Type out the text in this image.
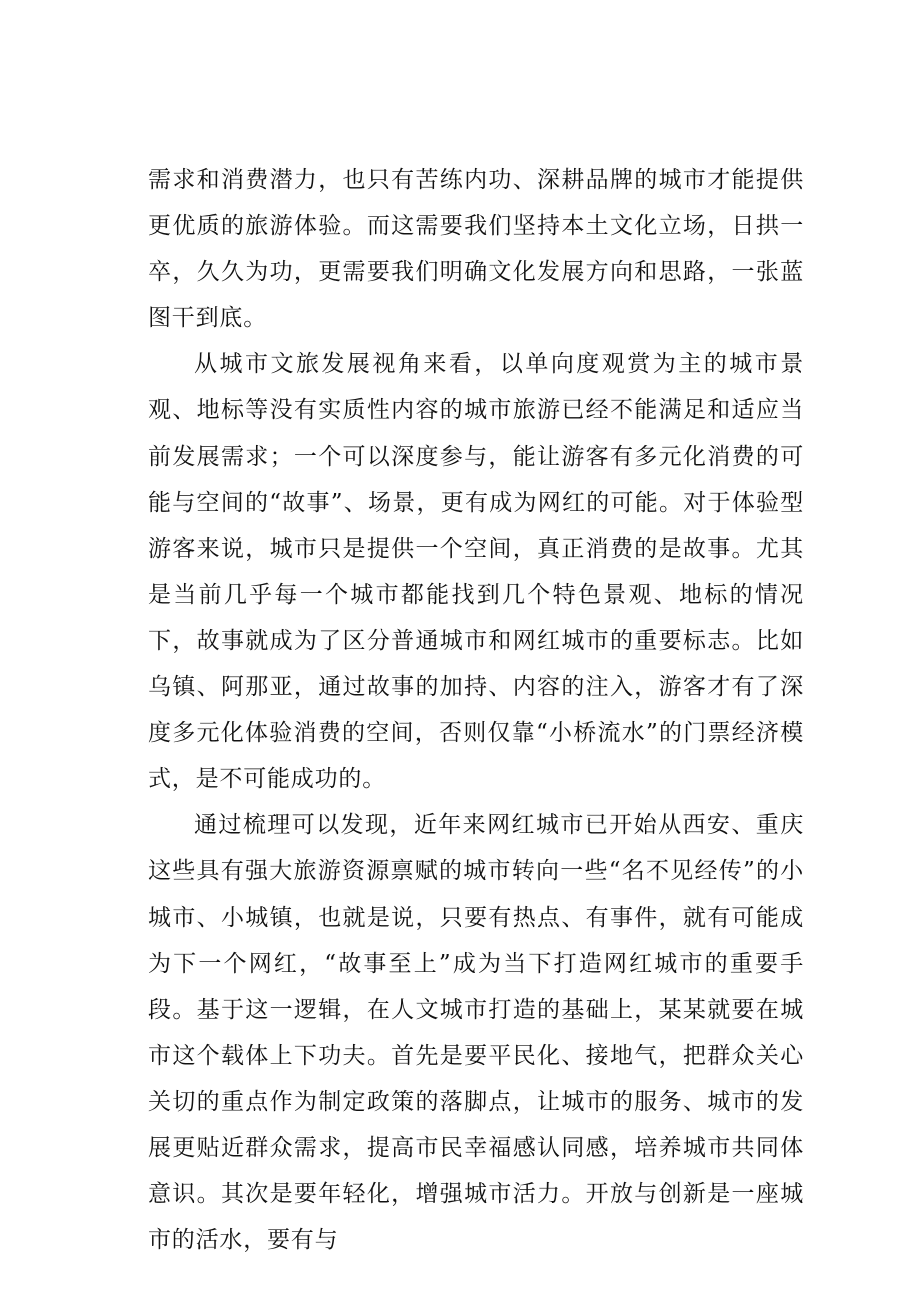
需求和消费潜力，也只有苦练内功、深耕品牌的城市才能提供更优质的旅游体验。而这需要我们坚持本土文化立场，日拱一卒，久久为功，更需要我们明确文化发展方向和思路，一张蓝图干到底。

从城市文旅发展视角来看，以单向度观赏为主的城市景观、地标等没有实质性内容的城市旅游已经不能满足和适应当前发展需求；一个可以深度参与，能让游客有多元化消费的可能与空间的“故事”、场景，更有成为网红的可能。对于体验型游客来说，城市只是提供一个空间，真正消费的是故事。尤其是当前几乎每一个城市都能找到几个特色景观、地标的情况下，故事就成为了区分普通城市和网红城市的重要标志。比如乌镇、阿那亚，通过故事的加持、内容的注入，游客才有了深度多元化体验消费的空间，否则仅靠“小桥流水”的门票经济模式，是不可能成功的。

通过梳理可以发现，近年来网红城市已开始从西安、重庆这些具有强大旅游资源禀赋的城市转向一些“名不见经传”的小城市、小城镇，也就是说，只要有热点、有事件，就有可能成为下一个网红，“故事至上”成为当下打造网红城市的重要手段。基于这一逻辑，在人文城市打造的基础上，某某就要在城市这个载体上下功夫。首先是要平民化、接地气，把群众关心关切的重点作为制定政策的落脚点，让城市的服务、城市的发展更贴近群众需求，提高市民幸福感认同感，培养城市共同体意识。其次是要年轻化，增强城市活力。开放与创新是一座城市的活水，要有与
